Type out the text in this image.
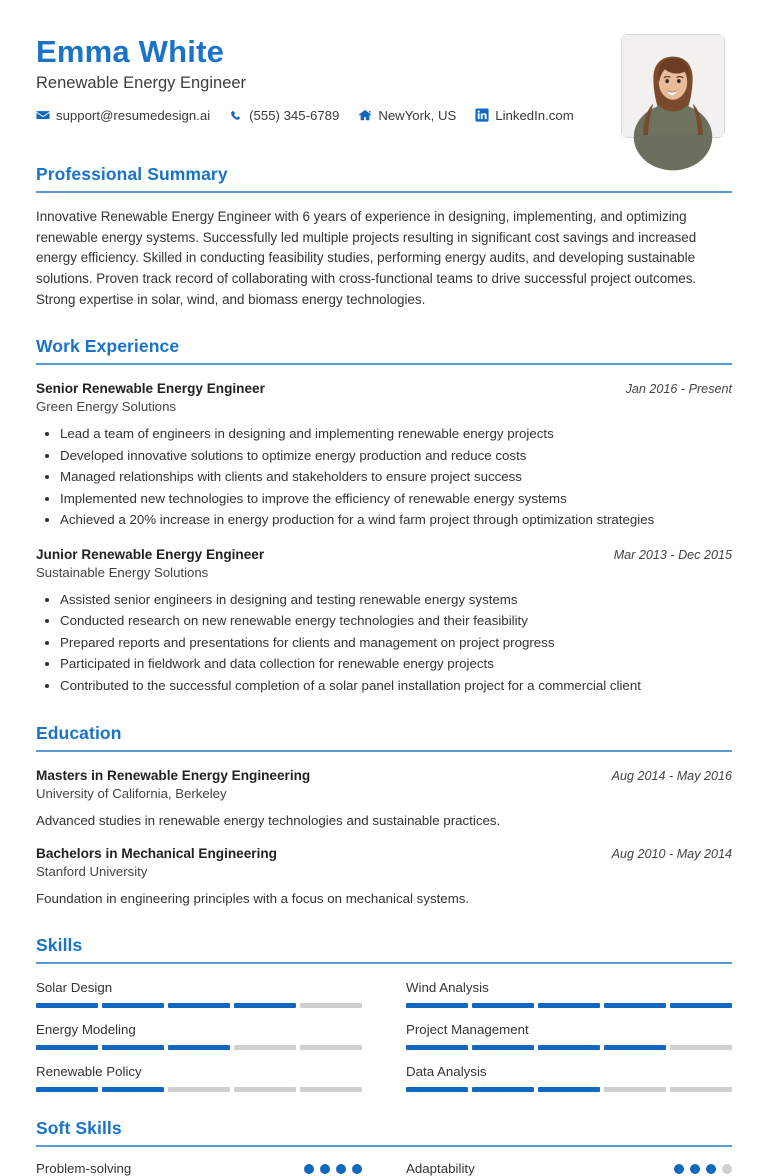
Emma White
Renewable Energy Engineer
support@resumedesign.ai	(555) 345-6789	NewYork, US	LinkedIn.com
Professional Summary
Innovative Renewable Energy Engineer with 6 years of experience in designing, implementing, and optimizing renewable energy systems. Successfully led multiple projects resulting in significant cost savings and increased energy efficiency. Skilled in conducting feasibility studies, performing energy audits, and developing sustainable solutions. Proven track record of collaborating with cross-functional teams to drive successful project outcomes. Strong expertise in solar, wind, and biomass energy technologies.
Work Experience
Senior Renewable Energy Engineer	Jan 2016 - Present
Green Energy Solutions
• Lead a team of engineers in designing and implementing renewable energy projects
• Developed innovative solutions to optimize energy production and reduce costs
• Managed relationships with clients and stakeholders to ensure project success
• Implemented new technologies to improve the efficiency of renewable energy systems
• Achieved a 20% increase in energy production for a wind farm project through optimization strategies
Junior Renewable Energy Engineer	Mar 2013 - Dec 2015
Sustainable Energy Solutions
• Assisted senior engineers in designing and testing renewable energy systems
• Conducted research on new renewable energy technologies and their feasibility
• Prepared reports and presentations for clients and management on project progress
• Participated in fieldwork and data collection for renewable energy projects
• Contributed to the successful completion of a solar panel installation project for a commercial client
Education
Masters in Renewable Energy Engineering	Aug 2014 - May 2016
University of California, Berkeley
Advanced studies in renewable energy technologies and sustainable practices.
Bachelors in Mechanical Engineering	Aug 2010 - May 2014
Stanford University
Foundation in engineering principles with a focus on mechanical systems.
Skills
Solar Design	Wind Analysis
Energy Modeling	Project Management
Renewable Policy	Data Analysis
Soft Skills
Problem-solving	Adaptability
